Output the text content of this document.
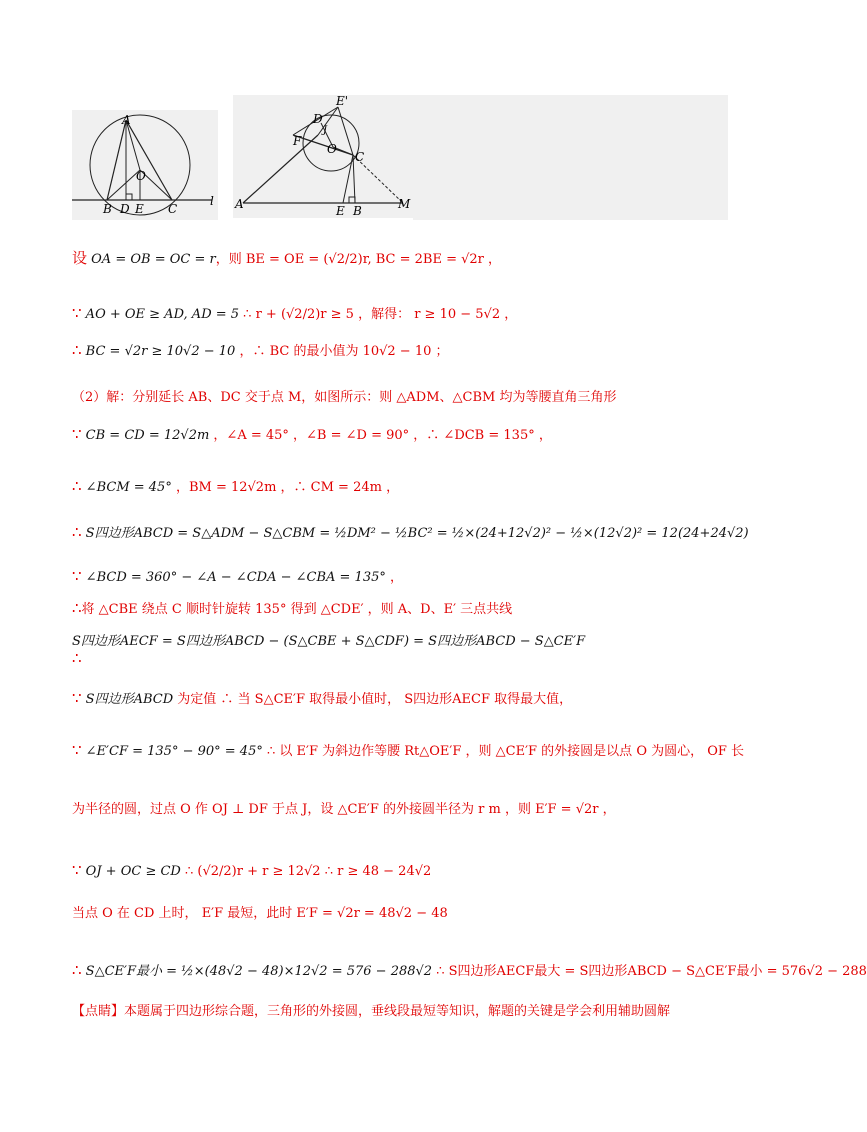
A
O
B D E C
l
E'
D
J
F
O
C
A	E B	M
设 OA = OB = OC = r，则 BE = OE = (√2/2)r, BC = 2BE = √2r ，
∵ AO + OE ≥ AD, AD = 5 ∴ r + (√2/2)r ≥ 5 ，解得： r ≥ 10 − 5√2 ，
∴ BC = √2r ≥ 10√2 − 10 ，∴ BC 的最小值为 10√2 − 10 ；
（2）解：分别延长 AB、DC 交于点 M，如图所示：则 △ADM、△CBM 均为等腰直角三角形
∵ CB = CD = 12√2m ，∠A = 45° ，∠B = ∠D = 90° ，∴ ∠DCB = 135° ，
∴ ∠BCM = 45° ，BM = 12√2m ，∴ CM = 24m ，
∴ S四边形ABCD = S△ADM − S△CBM = ½DM² − ½BC² = ½×(24+12√2)² − ½×(12√2)² = 12(24+24√2)
∵ ∠BCD = 360° − ∠A − ∠CDA − ∠CBA = 135° ，
∴将 △CBE 绕点 C 顺时针旋转 135° 得到 △CDE′ ，则 A、D、E′ 三点共线
S四边形AECF = S四边形ABCD − (S△CBE + S△CDF) = S四边形ABCD − S△CE′F
∴
∵ S四边形ABCD 为定值 ∴ 当 S△CE′F 取得最小值时， S四边形AECF 取得最大值，
∵ ∠E′CF = 135° − 90° = 45° ∴ 以 E′F 为斜边作等腰 Rt△OE′F ，则 △CE′F 的外接圆是以点 O 为圆心， OF 长
为半径的圆，过点 O 作 OJ ⊥ DF 于点 J，设 △CE′F 的外接圆半径为 r m ，则 E′F = √2r ，
∵ OJ + OC ≥ CD ∴ (√2/2)r + r ≥ 12√2 ∴ r ≥ 48 − 24√2
当点 O 在 CD 上时， E′F 最短，此时 E′F = √2r = 48√2 − 48
∴ S△CE′F最小 = ½×(48√2 − 48)×12√2 = 576 − 288√2 ∴ S四边形AECF最大 = S四边形ABCD − S△CE′F最小 = 576√2 − 288
【点睛】本题属于四边形综合题，三角形的外接圆，垂线段最短等知识，解题的关键是学会利用辅助圆解
